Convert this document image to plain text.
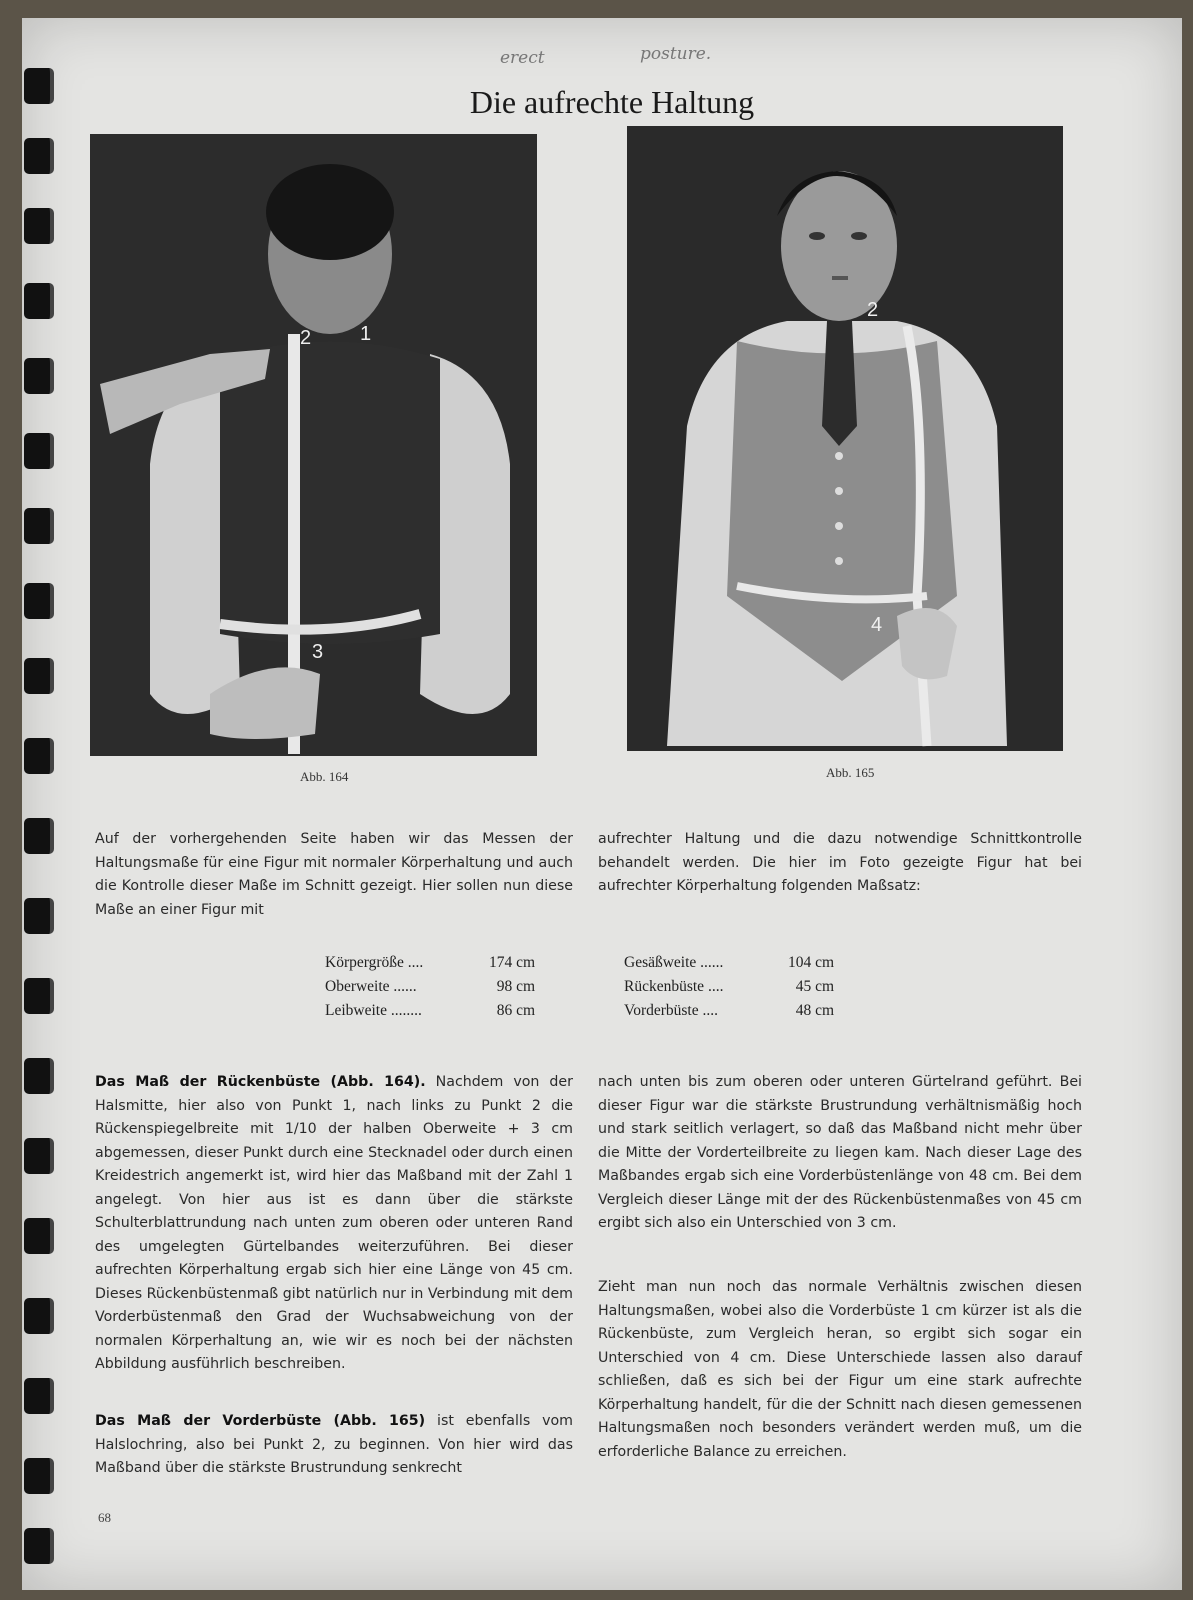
erect	posture.
Die aufrechte Haltung
2 1
3
Abb. 164
2
4
Abb. 165

Auf der vorhergehenden Seite haben wir das Messen der Haltungsmaße für eine Figur mit normaler Körperhaltung und auch die Kontrolle dieser Maße im Schnitt gezeigt. Hier sollen nun diese Maße an einer Figur mit

aufrechter Haltung und die dazu notwendige Schnittkontrolle behandelt werden. Die hier im Foto gezeigte Figur hat bei aufrechter Körperhaltung folgenden Maßsatz:

Körpergröße ....	174 cm
Oberweite ......	98 cm
Leibweite ........	86 cm
Gesäßweite ......	104 cm
Rückenbüste ....	45 cm
Vorderbüste ....	48 cm

Das Maß der Rückenbüste (Abb. 164). Nachdem von der Halsmitte, hier also von Punkt 1, nach links zu Punkt 2 die Rückenspiegelbreite mit 1/10 der halben Oberweite + 3 cm abgemessen, dieser Punkt durch eine Stecknadel oder durch einen Kreidestrich angemerkt ist, wird hier das Maßband mit der Zahl 1 angelegt. Von hier aus ist es dann über die stärkste Schulterblattrundung nach unten zum oberen oder unteren Rand des umgelegten Gürtelbandes weiterzuführen. Bei dieser aufrechten Körperhaltung ergab sich hier eine Länge von 45 cm. Dieses Rückenbüstenmaß gibt natürlich nur in Verbindung mit dem Vorderbüstenmaß den Grad der Wuchsabweichung von der normalen Körperhaltung an, wie wir es noch bei der nächsten Abbildung ausführlich beschreiben.

Das Maß der Vorderbüste (Abb. 165) ist ebenfalls vom Halslochring, also bei Punkt 2, zu beginnen. Von hier wird das Maßband über die stärkste Brustrundung senkrecht

nach unten bis zum oberen oder unteren Gürtelrand geführt. Bei dieser Figur war die stärkste Brustrundung verhältnismäßig hoch und stark seitlich verlagert, so daß das Maßband nicht mehr über die Mitte der Vorderteilbreite zu liegen kam. Nach dieser Lage des Maßbandes ergab sich eine Vorderbüstenlänge von 48 cm. Bei dem Vergleich dieser Länge mit der des Rückenbüstenmaßes von 45 cm ergibt sich also ein Unterschied von 3 cm.

Zieht man nun noch das normale Verhältnis zwischen diesen Haltungsmaßen, wobei also die Vorderbüste 1 cm kürzer ist als die Rückenbüste, zum Vergleich heran, so ergibt sich sogar ein Unterschied von 4 cm. Diese Unterschiede lassen also darauf schließen, daß es sich bei der Figur um eine stark aufrechte Körperhaltung handelt, für die der Schnitt nach diesen gemessenen Haltungsmaßen noch besonders verändert werden muß, um die erforderliche Balance zu erreichen.

68
